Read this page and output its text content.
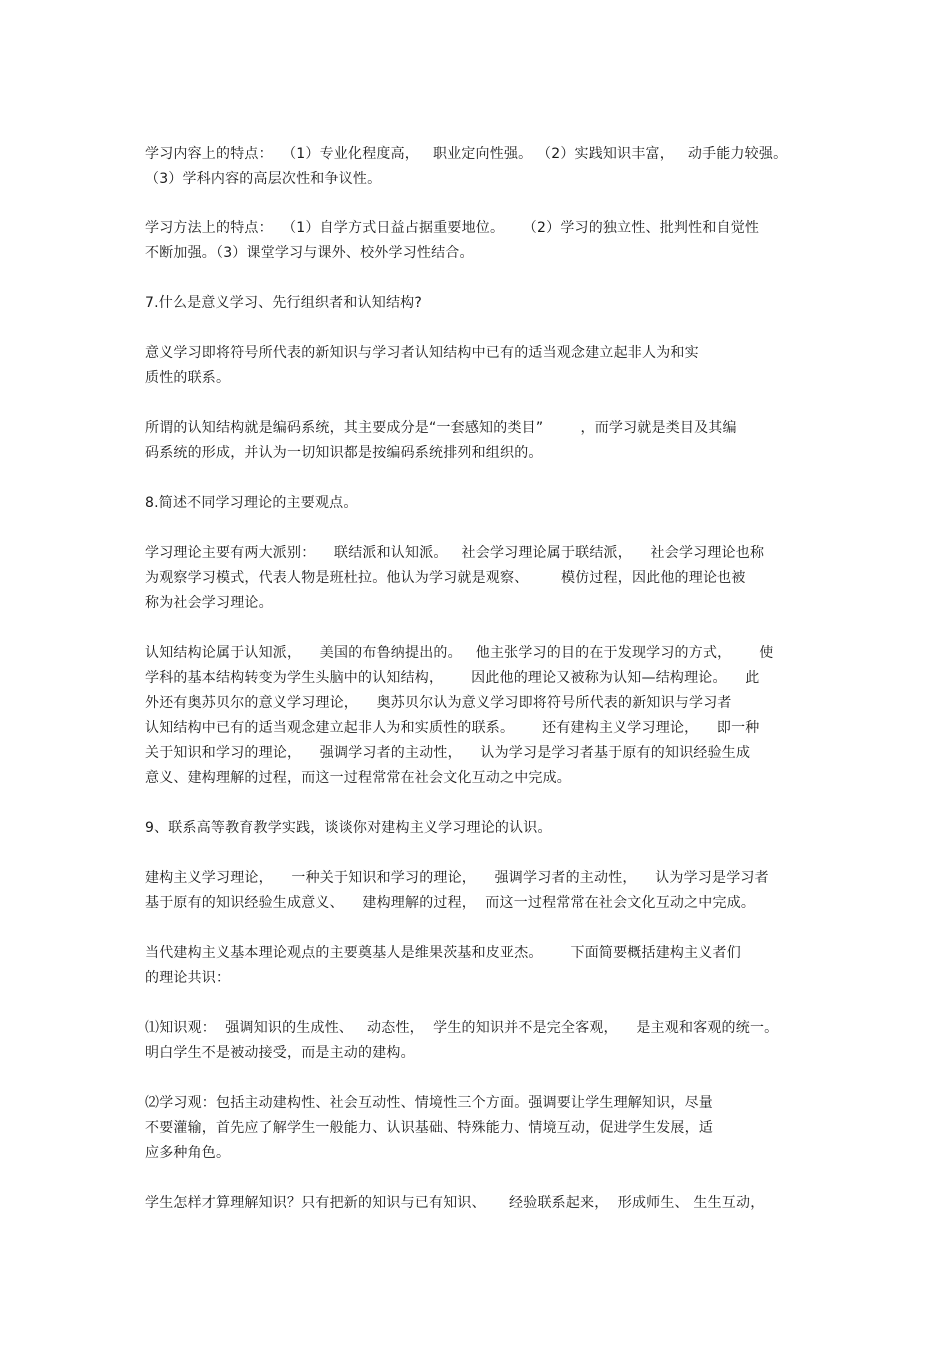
学习内容上的特点：  （1）专业化程度高，   职业定向性强。 （2）实践知识丰富，   动手能力较强。
（3）学科内容的高层次性和争议性。
学习方法上的特点：  （1）自学方式日益占据重要地位。    （2）学习的独立性、批判性和自觉性
不断加强。（3）课堂学习与课外、校外学习性结合。
7.什么是意义学习、先行组织者和认知结构?
意义学习即将符号所代表的新知识与学习者认知结构中已有的适当观念建立起非人为和实
质性的联系。
所谓的认知结构就是编码系统，其主要成分是“一套感知的类目”        ，而学习就是类目及其编
码系统的形成，并认为一切知识都是按编码系统排列和组织的。
8.简述不同学习理论的主要观点。
学习理论主要有两大派别：    联结派和认知派。   社会学习理论属于联结派，    社会学习理论也称
为观察学习模式，代表人物是班杜拉。他认为学习就是观察、       模仿过程，因此他的理论也被
称为社会学习理论。
认知结构论属于认知派，    美国的布鲁纳提出的。   他主张学习的目的在于发现学习的方式，      使
学科的基本结构转变为学生头脑中的认知结构，      因此他的理论又被称为认知—结构理论。    此
外还有奥苏贝尔的意义学习理论，    奥苏贝尔认为意义学习即将符号所代表的新知识与学习者
认知结构中已有的适当观念建立起非人为和实质性的联系。      还有建构主义学习理论，    即一种
关于知识和学习的理论，    强调学习者的主动性，    认为学习是学习者基于原有的知识经验生成
意义、建构理解的过程，而这一过程常常在社会文化互动之中完成。
9、联系高等教育教学实践，谈谈你对建构主义学习理论的认识。
建构主义学习理论，    一种关于知识和学习的理论，    强调学习者的主动性，    认为学习是学习者
基于原有的知识经验生成意义、    建构理解的过程，  而这一过程常常在社会文化互动之中完成。
当代建构主义基本理论观点的主要奠基人是维果茨基和皮亚杰。      下面简要概括建构主义者们
的理论共识：
⑴知识观：  强调知识的生成性、   动态性，  学生的知识并不是完全客观，    是主观和客观的统一。
明白学生不是被动接受，而是主动的建构。
⑵学习观：包括主动建构性、社会互动性、情境性三个方面。强调要让学生理解知识，尽量
不要灌输，首先应了解学生一般能力、认识基础、特殊能力、情境互动，促进学生发展，适
应多种角色。
学生怎样才算理解知识？只有把新的知识与已有知识、     经验联系起来，  形成师生、 生生互动，
